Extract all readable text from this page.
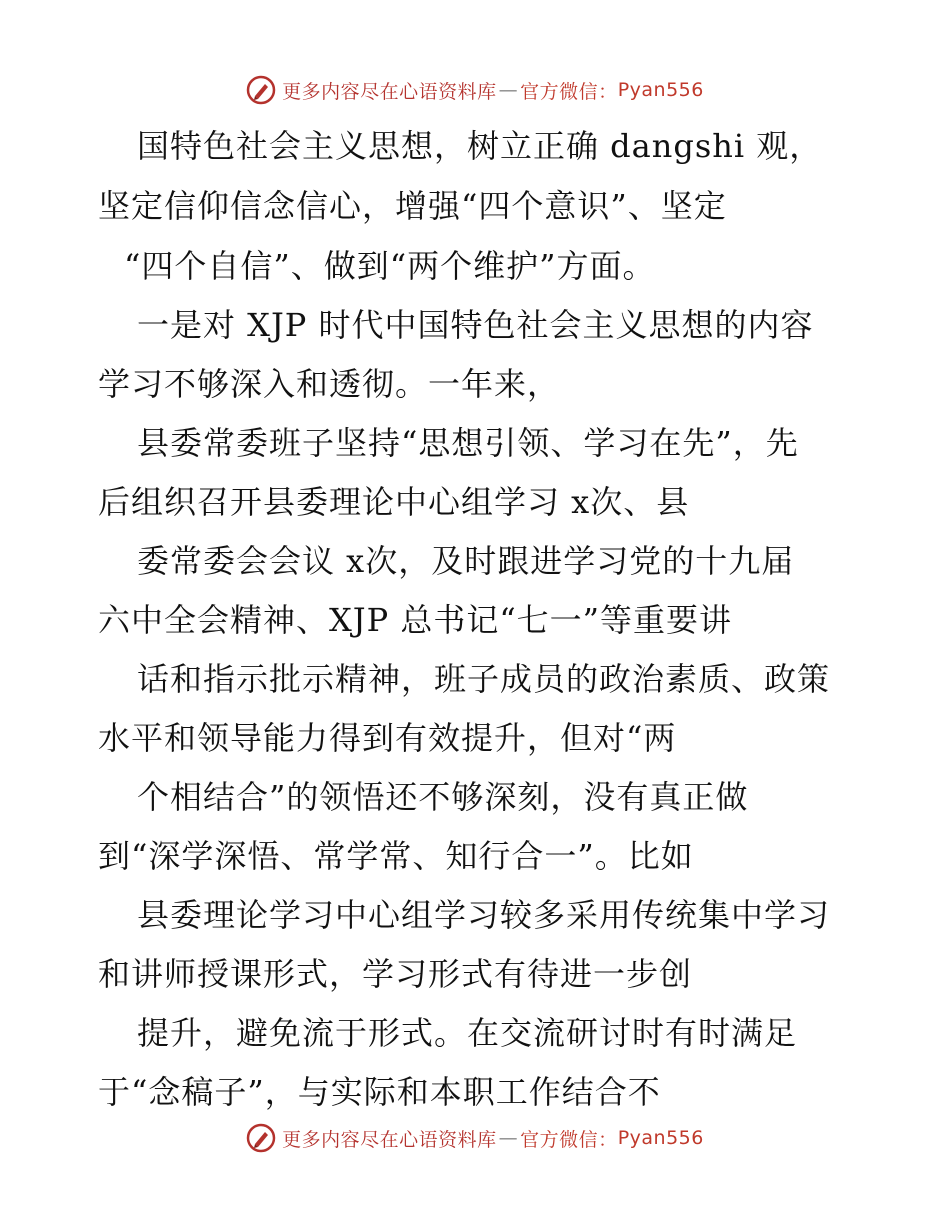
更多内容尽在心语资料库 — 官方微信： Pyan556
国特色社会主义思想，树立正确 dangshi 观，
坚定信仰信念信心，增强“四个意识”、坚定
“四个自信”、做到“两个维护”方面。
一是对 XJP 时代中国特色社会主义思想的内容
学习不够深入和透彻。一年来，
县委常委班子坚持“思想引领、学习在先”，先
后组织召开县委理论中心组学习 x次、县
委常委会会议 x次，及时跟进学习党的十九届
六中全会精神、XJP 总书记“七一”等重要讲
话和指示批示精神，班子成员的政治素质、政策
水平和领导能力得到有效提升，但对“两
个相结合”的领悟还不够深刻，没有真正做
到“深学深悟、常学常、知行合一”。比如
县委理论学习中心组学习较多采用传统集中学习
和讲师授课形式，学习形式有待进一步创
提升，避免流于形式。在交流研讨时有时满足
于“念稿子”，与实际和本职工作结合不
更多内容尽在心语资料库 — 官方微信： Pyan556
